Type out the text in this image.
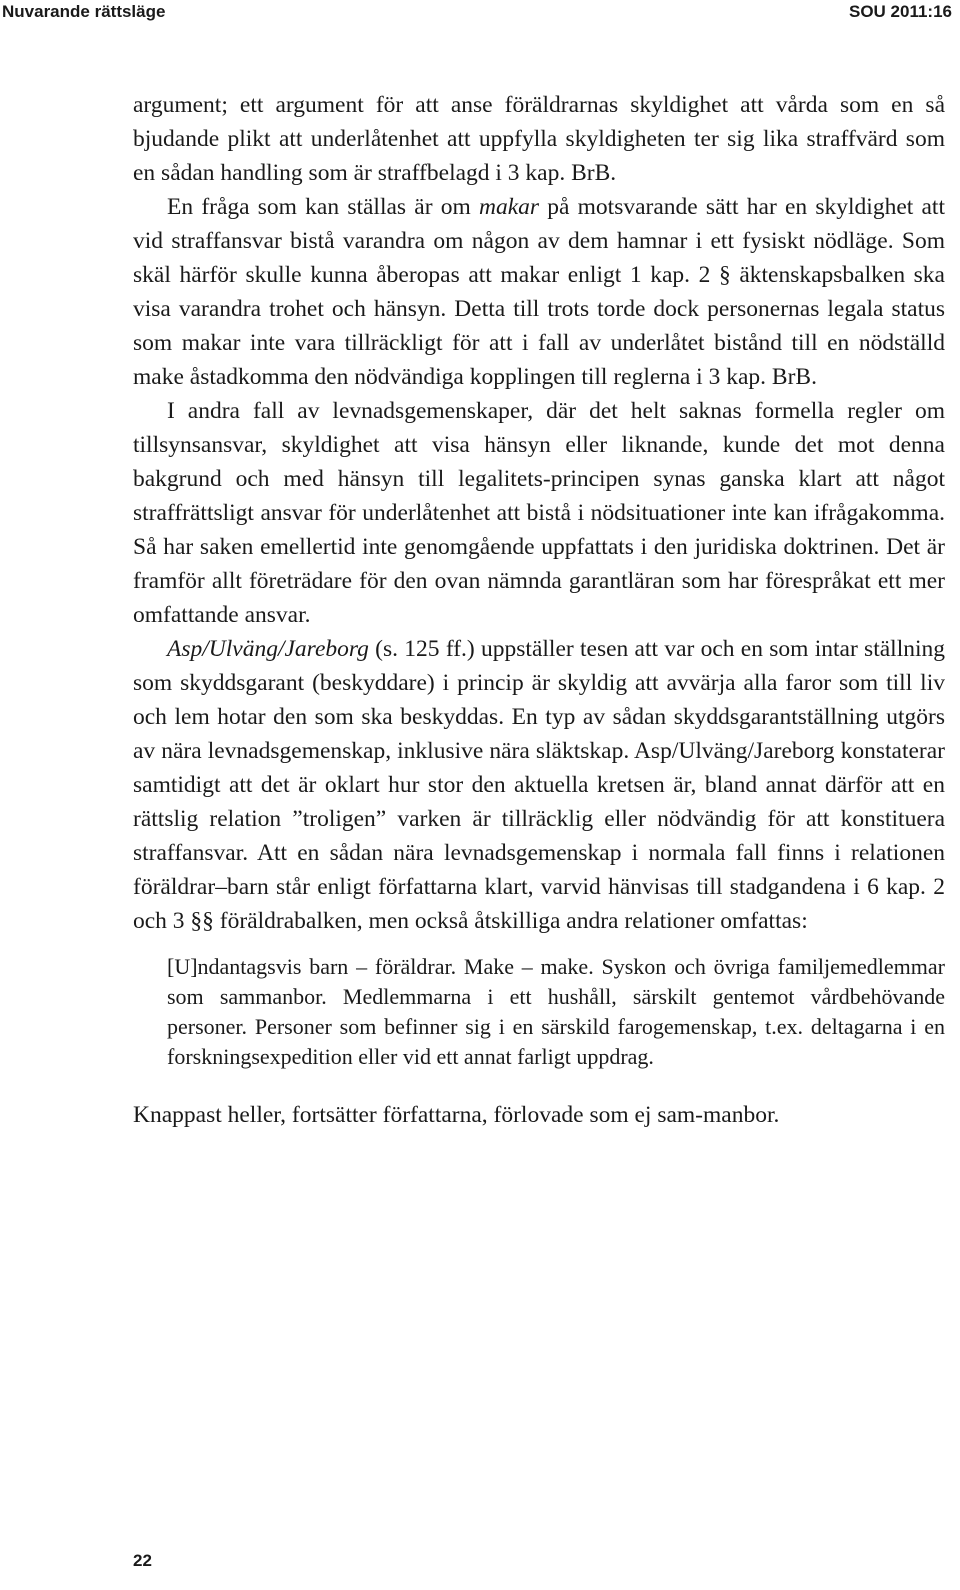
Nuvarande rättsläge	SOU 2011:16

argument; ett argument för att anse föräldrarnas skyldighet att vårda som en så bjudande plikt att underlåtenhet att uppfylla skyldigheten ter sig lika straffvärd som en sådan handling som är straffbelagd i 3 kap. BrB.

En fråga som kan ställas är om makar på motsvarande sätt har en skyldighet att vid straffansvar bistå varandra om någon av dem hamnar i ett fysiskt nödläge. Som skäl härför skulle kunna åberopas att makar enligt 1 kap. 2 § äktenskapsbalken ska visa varandra trohet och hänsyn. Detta till trots torde dock personernas legala status som makar inte vara tillräckligt för att i fall av underlåtet bistånd till en nödställd make åstadkomma den nödvändiga kopplingen till reglerna i 3 kap. BrB.

I andra fall av levnadsgemenskaper, där det helt saknas formella regler om tillsynsansvar, skyldighet att visa hänsyn eller liknande, kunde det mot denna bakgrund och med hänsyn till legalitets-principen synas ganska klart att något straffrättsligt ansvar för underlåtenhet att bistå i nödsituationer inte kan ifrågakomma. Så har saken emellertid inte genomgående uppfattats i den juridiska doktrinen. Det är framför allt företrädare för den ovan nämnda garantläran som har förespråkat ett mer omfattande ansvar.

Asp/Ulväng/Jareborg (s. 125 ff.) uppställer tesen att var och en som intar ställning som skyddsgarant (beskyddare) i princip är skyldig att avvärja alla faror som till liv och lem hotar den som ska beskyddas. En typ av sådan skyddsgarantställning utgörs av nära levnadsgemenskap, inklusive nära släktskap. Asp/Ulväng/Jareborg konstaterar samtidigt att det är oklart hur stor den aktuella kretsen är, bland annat därför att en rättslig relation ”troligen” varken är tillräcklig eller nödvändig för att konstituera straffansvar. Att en sådan nära levnadsgemenskap i normala fall finns i relationen föräldrar–barn står enligt författarna klart, varvid hänvisas till stadgandena i 6 kap. 2 och 3 §§ föräldrabalken, men också åtskilliga andra relationer omfattas:

[U]ndantagsvis barn – föräldrar. Make – make. Syskon och övriga familjemedlemmar som sammanbor. Medlemmarna i ett hushåll, särskilt gentemot vårdbehövande personer. Personer som befinner sig i en särskild farogemenskap, t.ex. deltagarna i en forskningsexpedition eller vid ett annat farligt uppdrag.

Knappast heller, fortsätter författarna, förlovade som ej sam-manbor.

22
